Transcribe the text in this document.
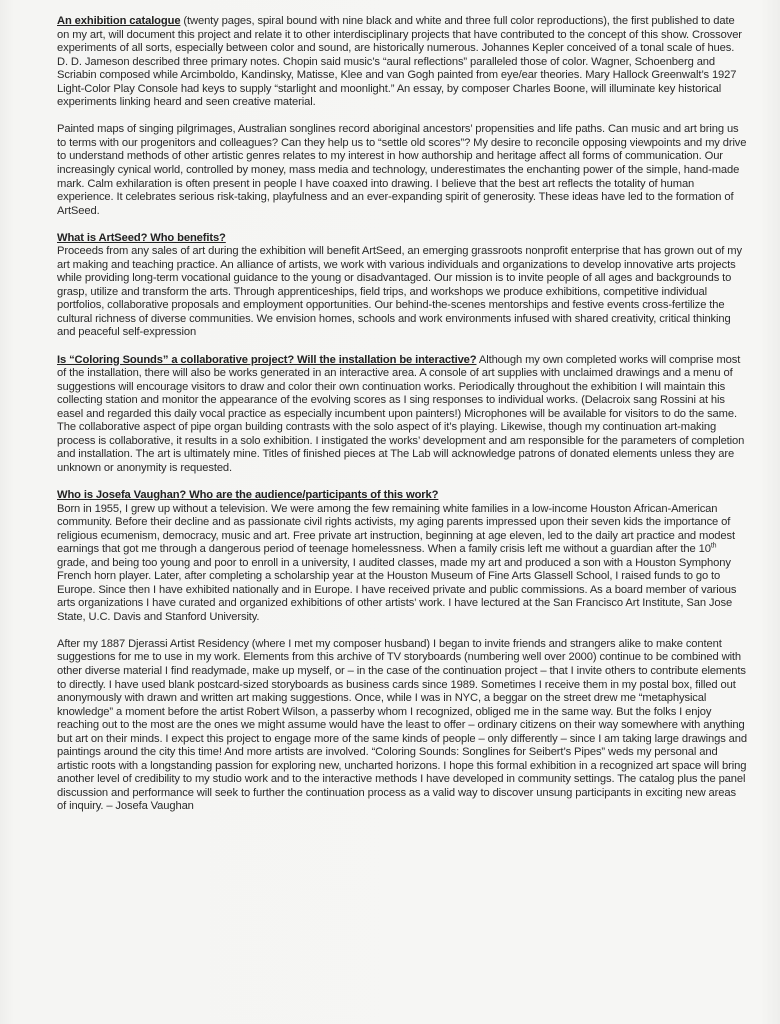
An exhibition catalogue (twenty pages, spiral bound with nine black and white and three full color reproductions), the first published to date on my art, will document this project and relate it to other interdisciplinary projects that have contributed to the concept of this show. Crossover experiments of all sorts, especially between color and sound, are historically numerous. Johannes Kepler conceived of a tonal scale of hues. D. D. Jameson described three primary notes. Chopin said music’s “aural reflections” paralleled those of color. Wagner, Schoenberg and Scriabin composed while Arcimboldo, Kandinsky, Matisse, Klee and van Gogh painted from eye/ear theories. Mary Hallock Greenwalt’s 1927 Light-Color Play Console had keys to supply “starlight and moonlight.” An essay, by composer Charles Boone, will illuminate key historical experiments linking heard and seen creative material.

Painted maps of singing pilgrimages, Australian songlines record aboriginal ancestors’ propensities and life paths. Can music and art bring us to terms with our progenitors and colleagues? Can they help us to “settle old scores”? My desire to reconcile opposing viewpoints and my drive to understand methods of other artistic genres relates to my interest in how authorship and heritage affect all forms of communication. Our increasingly cynical world, controlled by money, mass media and technology, underestimates the enchanting power of the simple, hand-made mark. Calm exhilaration is often present in people I have coaxed into drawing. I believe that the best art reflects the totality of human experience. It celebrates serious risk-taking, playfulness and an ever-expanding spirit of generosity. These ideas have led to the formation of ArtSeed.

What is ArtSeed? Who benefits?
Proceeds from any sales of art during the exhibition will benefit ArtSeed, an emerging grassroots nonprofit enterprise that has grown out of my art making and teaching practice. An alliance of artists, we work with various individuals and organizations to develop innovative arts projects while providing long-term vocational guidance to the young or disadvantaged. Our mission is to invite people of all ages and backgrounds to grasp, utilize and transform the arts. Through apprenticeships, field trips, and workshops we produce exhibitions, competitive individual portfolios, collaborative proposals and employment opportunities. Our behind-the-scenes mentorships and festive events cross-fertilize the cultural richness of diverse communities. We envision homes, schools and work environments infused with shared creativity, critical thinking and peaceful self-expression

Is “Coloring Sounds” a collaborative project? Will the installation be interactive? Although my own completed works will comprise most of the installation, there will also be works generated in an interactive area. A console of art supplies with unclaimed drawings and a menu of suggestions will encourage visitors to draw and color their own continuation works. Periodically throughout the exhibition I will maintain this collecting station and monitor the appearance of the evolving scores as I sing responses to individual works. (Delacroix sang Rossini at his easel and regarded this daily vocal practice as especially incumbent upon painters!) Microphones will be available for visitors to do the same. The collaborative aspect of pipe organ building contrasts with the solo aspect of it’s playing. Likewise, though my continuation art-making process is collaborative, it results in a solo exhibition. I instigated the works’ development and am responsible for the parameters of completion and installation. The art is ultimately mine. Titles of finished pieces at The Lab will acknowledge patrons of donated elements unless they are unknown or anonymity is requested.

Who is Josefa Vaughan? Who are the audience/participants of this work?
Born in 1955, I grew up without a television. We were among the few remaining white families in a low-income Houston African-American community. Before their decline and as passionate civil rights activists, my aging parents impressed upon their seven kids the importance of religious ecumenism, democracy, music and art. Free private art instruction, beginning at age eleven, led to the daily art practice and modest earnings that got me through a dangerous period of teenage homelessness. When a family crisis left me without a guardian after the 10th grade, and being too young and poor to enroll in a university, I audited classes, made my art and produced a son with a Houston Symphony French horn player. Later, after completing a scholarship year at the Houston Museum of Fine Arts Glassell School, I raised funds to go to Europe. Since then I have exhibited nationally and in Europe. I have received private and public commissions. As a board member of various arts organizations I have curated and organized exhibitions of other artists’ work. I have lectured at the San Francisco Art Institute, San Jose State, U.C. Davis and Stanford University.

After my 1887 Djerassi Artist Residency (where I met my composer husband) I began to invite friends and strangers alike to make content suggestions for me to use in my work. Elements from this archive of TV storyboards (numbering well over 2000) continue to be combined with other diverse material I find readymade, make up myself, or – in the case of the continuation project – that I invite others to contribute elements to directly. I have used blank postcard-sized storyboards as business cards since 1989. Sometimes I receive them in my postal box, filled out anonymously with drawn and written art making suggestions. Once, while I was in NYC, a beggar on the street drew me “metaphysical knowledge” a moment before the artist Robert Wilson, a passerby whom I recognized, obliged me in the same way. But the folks I enjoy reaching out to the most are the ones we might assume would have the least to offer – ordinary citizens on their way somewhere with anything but art on their minds. I expect this project to engage more of the same kinds of people – only differently – since I am taking large drawings and paintings around the city this time! And more artists are involved. “Coloring Sounds: Songlines for Seibert’s Pipes” weds my personal and artistic roots with a longstanding passion for exploring new, uncharted horizons. I hope this formal exhibition in a recognized art space will bring another level of credibility to my studio work and to the interactive methods I have developed in community settings. The catalog plus the panel discussion and performance will seek to further the continuation process as a valid way to discover unsung participants in exciting new areas of inquiry. – Josefa Vaughan
